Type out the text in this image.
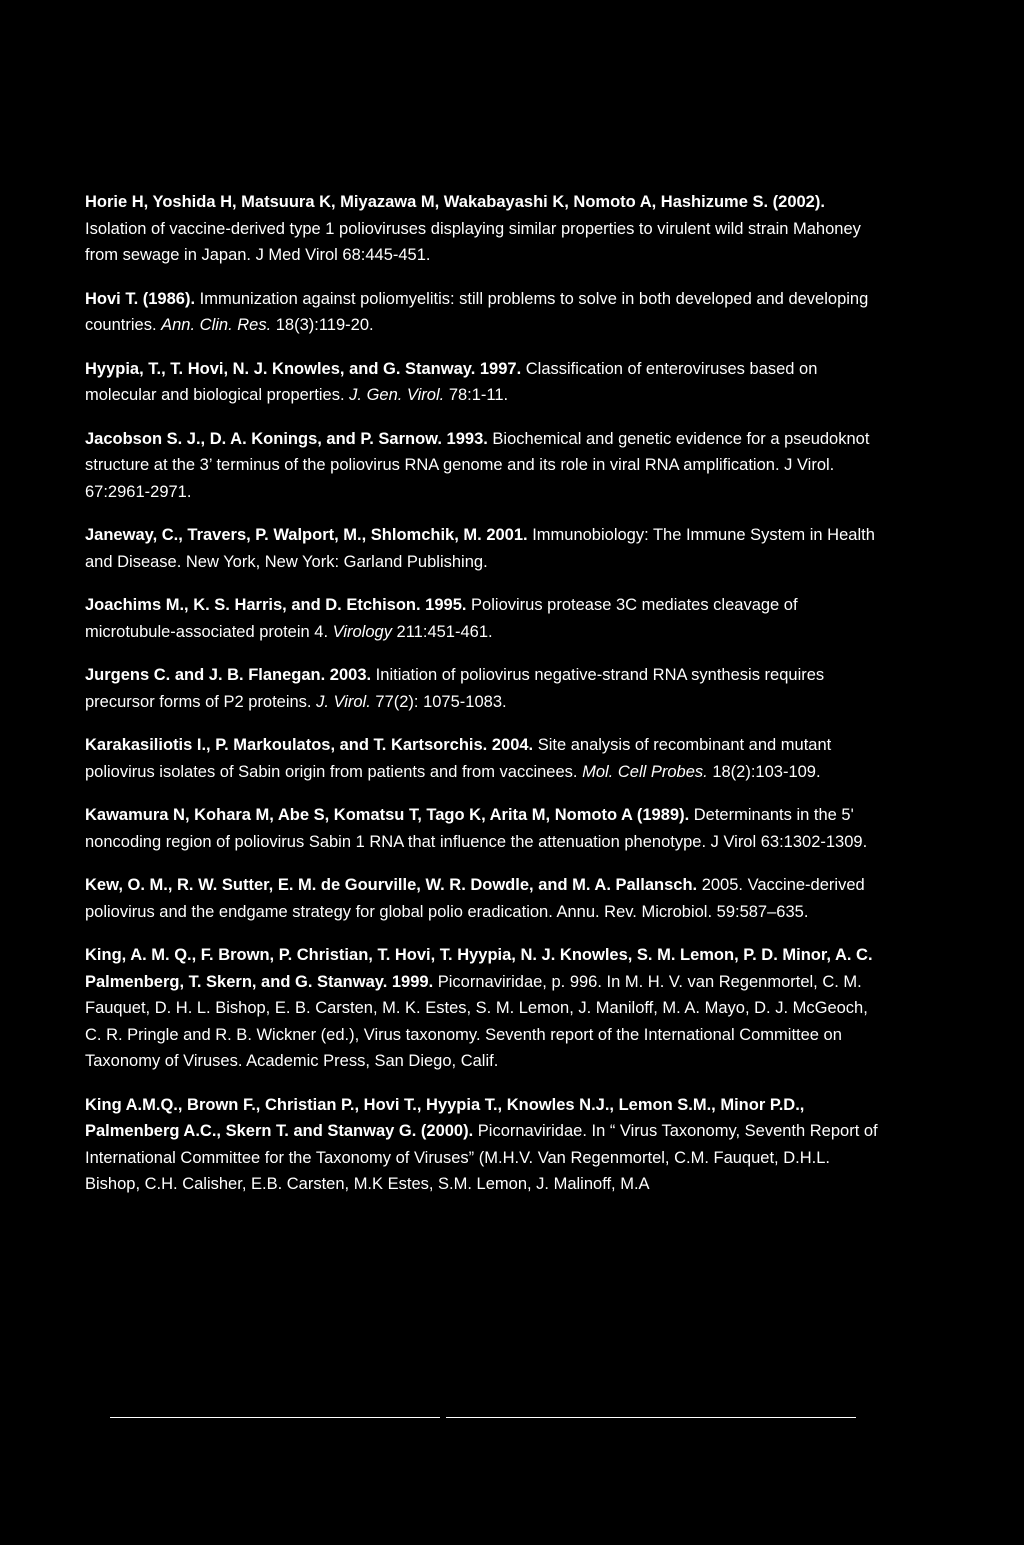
Horie H, Yoshida H, Matsuura K, Miyazawa M, Wakabayashi K, Nomoto A, Hashizume S. (2002). Isolation of vaccine-derived type 1 polioviruses displaying similar properties to virulent wild strain Mahoney from sewage in Japan. J Med Virol 68:445-451.

Hovi T. (1986). Immunization against poliomyelitis: still problems to solve in both developed and developing countries. Ann. Clin. Res. 18(3):119-20.

Hyypia, T., T. Hovi, N. J. Knowles, and G. Stanway. 1997. Classification of enteroviruses based on molecular and biological properties. J. Gen. Virol. 78:1-11.

Jacobson S. J., D. A. Konings, and P. Sarnow. 1993. Biochemical and genetic evidence for a pseudoknot structure at the 3’ terminus of the poliovirus RNA genome and its role in viral RNA amplification. J Virol. 67:2961-2971.

Janeway, C., Travers, P. Walport, M., Shlomchik, M. 2001. Immunobiology: The Immune System in Health and Disease. New York, New York: Garland Publishing.

Joachims M., K. S. Harris, and D. Etchison. 1995. Poliovirus protease 3C mediates cleavage of microtubule-associated protein 4. Virology 211:451-461.

Jurgens C. and J. B. Flanegan. 2003. Initiation of poliovirus negative-strand RNA synthesis requires precursor forms of P2 proteins. J. Virol. 77(2): 1075-1083.

Karakasiliotis I., P. Markoulatos, and T. Kartsorchis. 2004. Site analysis of recombinant and mutant poliovirus isolates of Sabin origin from patients and from vaccinees. Mol. Cell Probes. 18(2):103-109.

Kawamura N, Kohara M, Abe S, Komatsu T, Tago K, Arita M, Nomoto A (1989). Determinants in the 5' noncoding region of poliovirus Sabin 1 RNA that influence the attenuation phenotype. J Virol 63:1302-1309.

Kew, O. M., R. W. Sutter, E. M. de Gourville, W. R. Dowdle, and M. A. Pallansch. 2005. Vaccine-derived poliovirus and the endgame strategy for global polio eradication. Annu. Rev. Microbiol. 59:587–635.

King, A. M. Q., F. Brown, P. Christian, T. Hovi, T. Hyypia, N. J. Knowles, S. M. Lemon, P. D. Minor, A. C. Palmenberg, T. Skern, and G. Stanway. 1999. Picornaviridae, p. 996. In M. H. V. van Regenmortel, C. M. Fauquet, D. H. L. Bishop, E. B. Carsten, M. K. Estes, S. M. Lemon, J. Maniloff, M. A. Mayo, D. J. McGeoch, C. R. Pringle and R. B. Wickner (ed.), Virus taxonomy. Seventh report of the International Committee on Taxonomy of Viruses. Academic Press, San Diego, Calif.

King A.M.Q., Brown F., Christian P., Hovi T., Hyypia T., Knowles N.J., Lemon S.M., Minor P.D., Palmenberg A.C., Skern T. and Stanway G. (2000). Picornaviridae. In “ Virus Taxonomy, Seventh Report of International Committee for the Taxonomy of Viruses” (M.H.V. Van Regenmortel, C.M. Fauquet, D.H.L. Bishop, C.H. Calisher, E.B. Carsten, M.K Estes, S.M. Lemon, J. Malinoff, M.A
